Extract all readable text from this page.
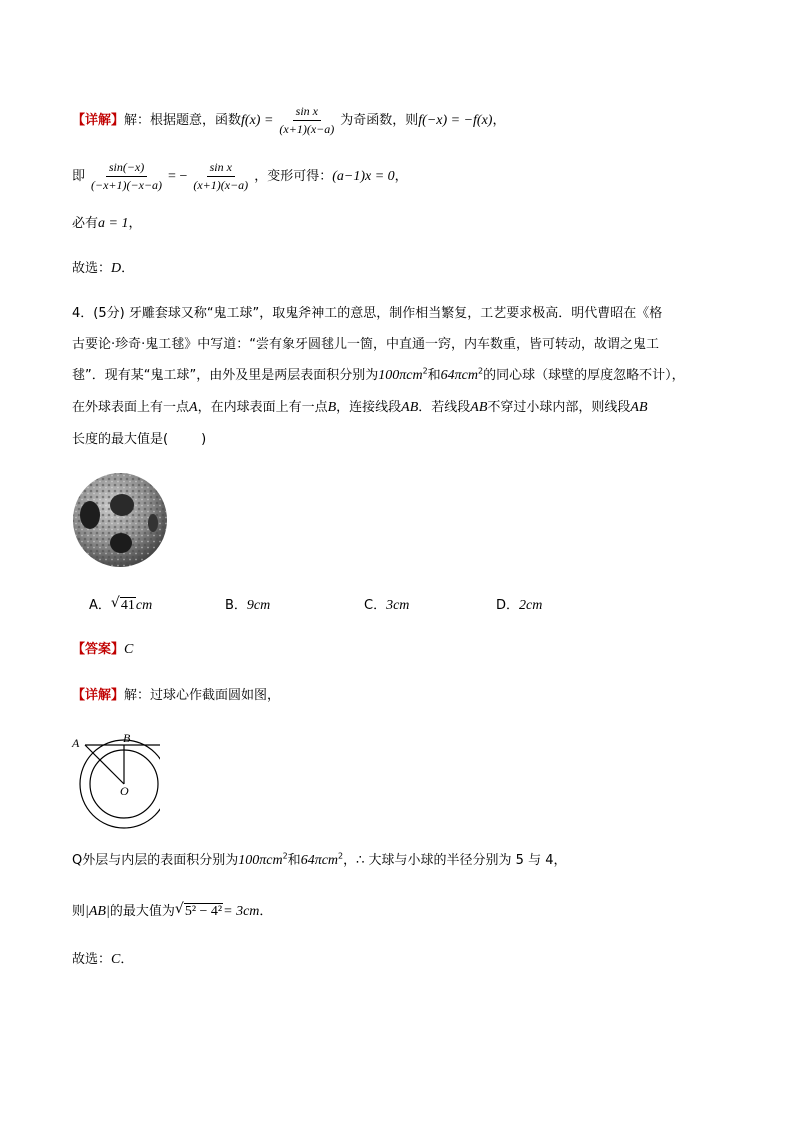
【详解】解：根据题意，函数$f(x) = \frac{\text{sin x}}{(x+1)(x-a)}$ 为奇函数，则f(−x) = −f(x)，
即 $\frac{\sin(-x)}{(-x+1)(-x-a)}$ = − $\frac{\text{sin x}}{(x+1)(x-a)}$ ，变形可得：(a−1)x = 0，
必有a = 1，
故选：D．
4．(5分) 牙雕套球又称“鬼工球”，取鬼斧神工的意思，制作相当繁复，工艺要求极高．明代曹昭在《格
古要论·珍奇·鬼工毬》中写道：“尝有象牙圆毬儿一箇，中直通一窍，内车数重，皆可转动，故谓之鬼工
毬”．现有某“鬼工球”，由外及里是两层表面积分别为100πcm$^2$和64πcm$^2$的同心球（球壁的厚度忽略不计），
在外球表面上有一点A，在内球表面上有一点B，连接线段AB．若线段AB不穿过小球内部，则线段AB
长度的最大值是(        )
A． √ 41cm	B．9cm	C．3cm	D．2cm
【答案】C
【详解】解：过球心作截面圆如图，
A	B
O
Q外层与内层的表面积分别为100πcm$^2$和64πcm$^2$，∴ 大球与小球的半径分别为 5 与 4，
则|AB|的最大值为 √ 5² − 4²= 3cm．
故选：C．
